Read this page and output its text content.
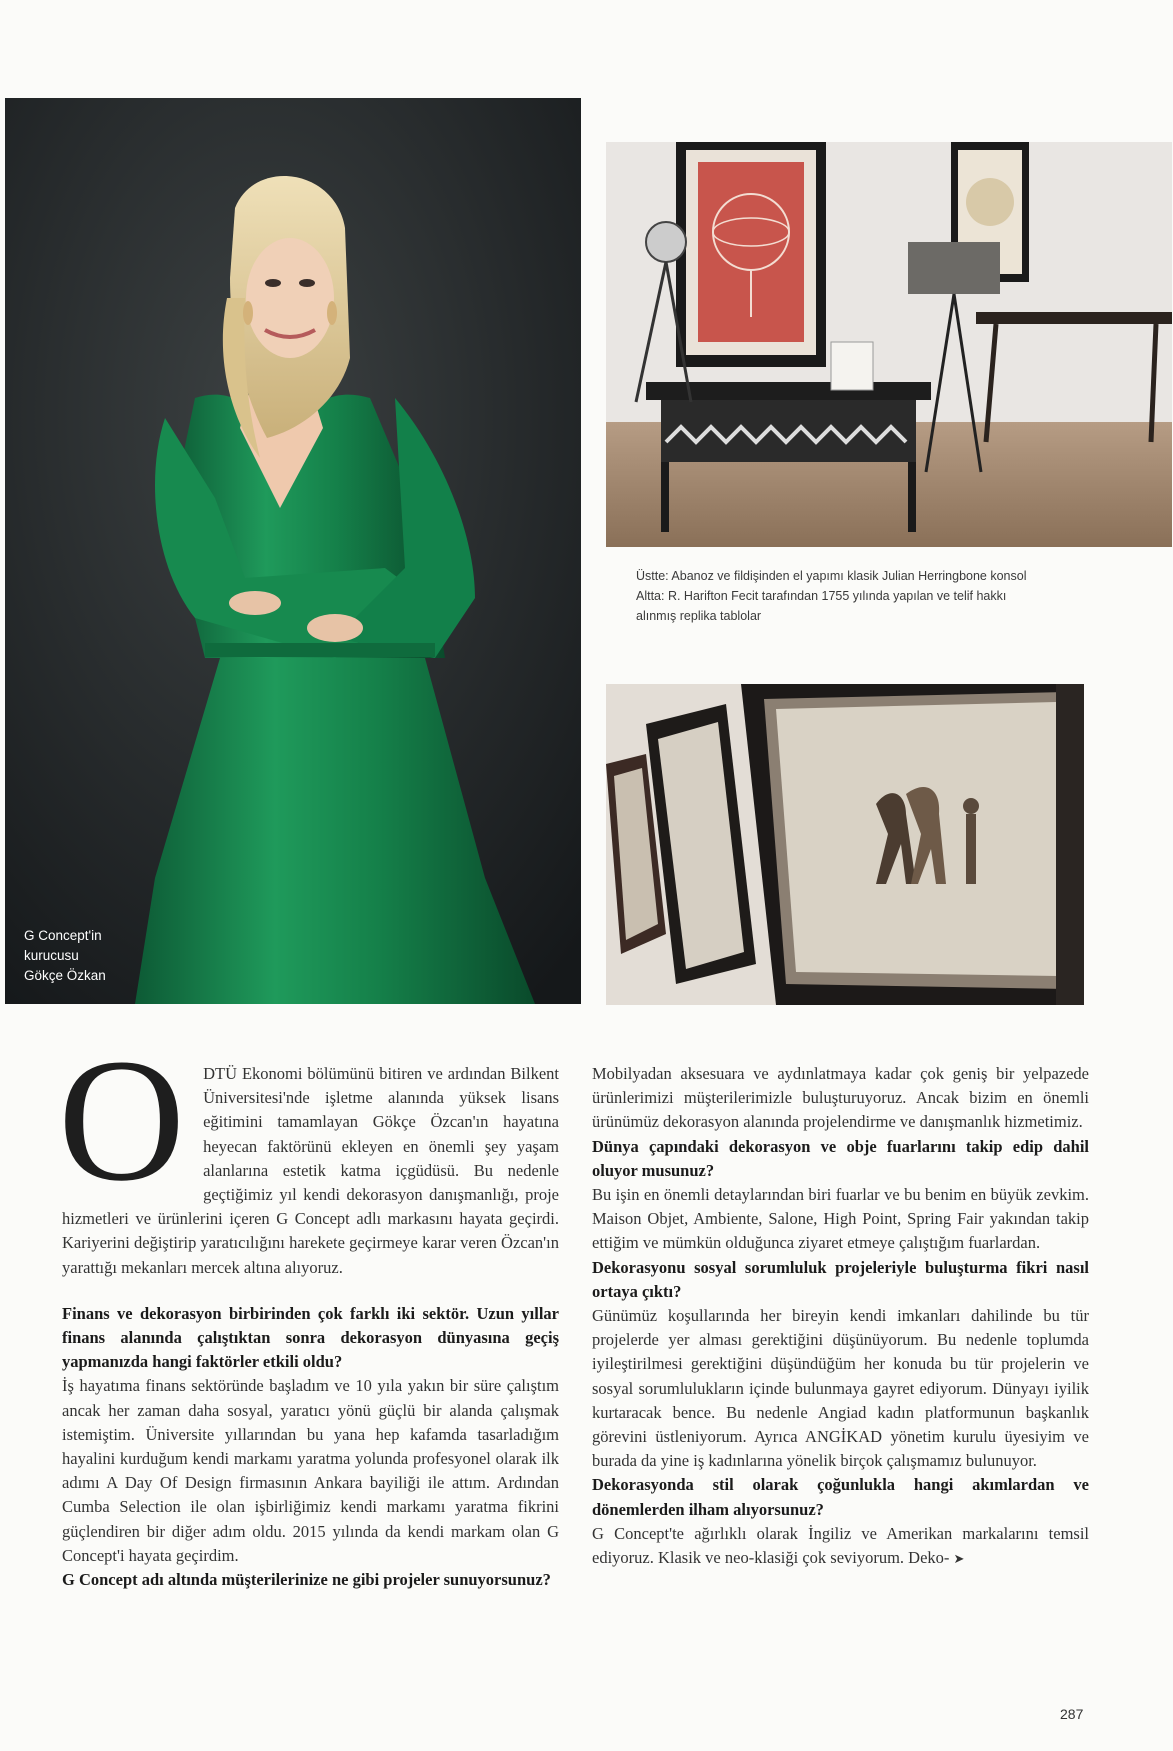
G Concept'in
kurucusu
Gökçe Özkan
Üstte: Abanoz ve fildişinden el yapımı klasik Julian Herringbone konsol
Altta: R. Harifton Fecit tarafından 1755 yılında yapılan ve telif hakkı
alınmış replika tablolar
O	DTÜ Ekonomi bölümünü bitiren ve ardından Bilkent Üniversitesi'nde işletme alanında yüksek lisans eğitimini tamamlayan Gökçe Özcan'ın hayatına heyecan faktörünü ekleyen en önemli şey yaşam alanlarına estetik katma içgüdüsü. Bu nedenle geçtiğimiz yıl kendi dekorasyon danışmanlığı, proje hizmetleri ve ürünlerini içeren G Concept adlı markasını hayata geçirdi. Kariyerini değiştirip yaratıcılığını harekete geçirmeye karar veren Özcan'ın yarattığı mekanları mercek altına alıyoruz.

Finans ve dekorasyon birbirinden çok farklı iki sektör. Uzun yıllar finans alanında çalıştıktan sonra dekorasyon dünyasına geçiş yapmanızda hangi faktörler etkili oldu?

İş hayatıma finans sektöründe başladım ve 10 yıla yakın bir süre çalıştım ancak her zaman daha sosyal, yaratıcı yönü güçlü bir alanda çalışmak istemiştim. Üniversite yıllarından bu yana hep kafamda tasarladığım hayalini kurduğum kendi markamı yaratma yolunda profesyonel olarak ilk adımı A Day Of Design firmasının Ankara bayiliği ile attım. Ardından Cumba Selection ile olan işbirliğimiz kendi markamı yaratma fikrini güçlendiren bir diğer adım oldu. 2015 yılında da kendi markam olan G Concept'i hayata geçirdim.

G Concept adı altında müşterilerinize ne gibi projeler sunuyorsunuz?

Mobilyadan aksesuara ve aydınlatmaya kadar çok geniş bir yelpazede ürünlerimizi müşterilerimizle buluşturuyoruz. Ancak bizim en önemli ürünümüz dekorasyon alanında projelendirme ve danışmanlık hizmetimiz.

Dünya çapındaki dekorasyon ve obje fuarlarını takip edip dahil oluyor musunuz?

Bu işin en önemli detaylarından biri fuarlar ve bu benim en büyük zevkim. Maison Objet, Ambiente, Salone, High Point, Spring Fair yakından takip ettiğim ve mümkün olduğunca ziyaret etmeye çalıştığım fuarlardan.

Dekorasyonu sosyal sorumluluk projeleriyle buluşturma fikri nasıl ortaya çıktı?

Günümüz koşullarında her bireyin kendi imkanları dahilinde bu tür projelerde yer alması gerektiğini düşünüyorum. Bu nedenle toplumda iyileştirilmesi gerektiğini düşündüğüm her konuda bu tür projelerin ve sosyal sorumlulukların içinde bulunmaya gayret ediyorum. Dünyayı iyilik kurtaracak bence. Bu nedenle Angiad kadın platformunun başkanlık görevini üstleniyorum. Ayrıca ANGİKAD yönetim kurulu üyesiyim ve burada da yine iş kadınlarına yönelik birçok çalışmamız bulunuyor.

Dekorasyonda stil olarak çoğunlukla hangi akımlardan ve dönemlerden ilham alıyorsunuz?

G Concept'te ağırlıklı olarak İngiliz ve Amerikan markalarını temsil ediyoruz. Klasik ve neo-klasiği çok seviyorum. Deko- ➤

287
